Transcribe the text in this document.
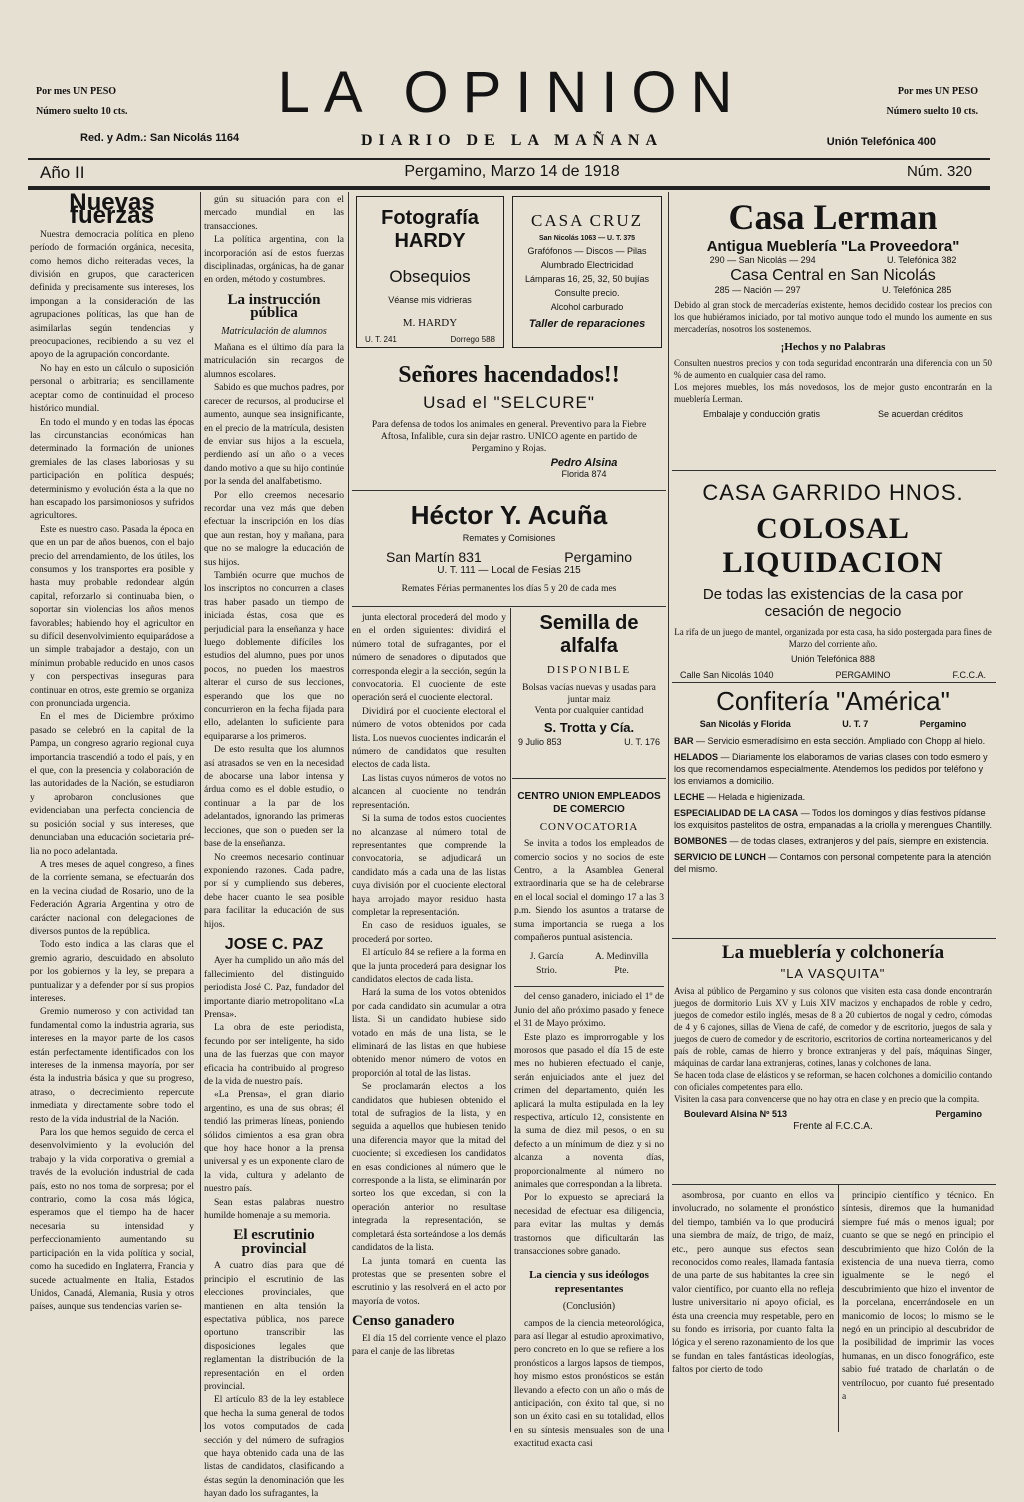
Por mes UN PESO
Número suelto 10 cts.
Por mes UN PESO
Número suelto 10 cts.
LA OPINION
Red. y Adm.: San Nicolás 1164	DIARIO DE LA MAÑANA	Unión Telefónica 400
Año II	Pergamino, Marzo 14 de 1918	Núm. 320
Nuevas fuerzas

Nuestra democracia política en pleno período de formación orgánica, necesita, como hemos dicho reiteradas veces, la división en grupos, que caractericen definida y precisamente sus intereses, los impongan a la consideración de las agrupaciones políticas, las que han de asimilarlas según tendencias y preocupaciones, recibiendo a su vez el apoyo de la agrupación concordante.

No hay en esto un cálculo o suposición personal o arbitraria; es sencillamente aceptar como de continuidad el proceso histórico mundial.

En todo el mundo y en todas las épocas las circunstancias económicas han determinado la formación de uniones gremiales de las clases laboriosas y su participación en política después; determinismo y evolución ésta a la que no han escapado los parsimoniosos y sufridos agricultores.

Este es nuestro caso. Pasada la época en que en un par de años buenos, con el bajo precio del arrendamiento, de los útiles, los consumos y los transportes era posible y hasta muy probable redondear algún capital, reforzarlo si continuaba bien, o soportar sin violencias los años menos favorables; habiendo hoy el agricultor en su difícil desenvolvimiento equiparádose a un simple trabajador a destajo, con un mínimun probable reducido en unos casos y con perspectivas inseguras para continuar en otros, este gremio se organiza con pronunciada urgencia.

En el mes de Diciembre próximo pasado se celebró en la capital de la Pampa, un congreso agrario regional cuya importancia trascendió a todo el país, y en el que, con la presencia y colaboración de las autoridades de la Nación, se estudiaron y aprobaron conclusiones que evidenciaban una perfecta conciencia de su posición social y sus intereses, que denunciaban una educación societaria pré-lia no poco adelantada.

A tres meses de aquel congreso, a fines de la corriente semana, se efectuarán dos en la vecina ciudad de Rosario, uno de la Federación Agraria Argentina y otro de carácter nacional con delegaciones de diversos puntos de la república.

Todo esto indica a las claras que el gremio agrario, descuidado en absoluto por los gobiernos y la ley, se prepara a puntualizar y a defender por sí sus propios intereses.

Gremio numeroso y con actividad tan fundamental como la industria agraria, sus intereses en la mayor parte de los casos están perfectamente identificados con los intereses de la inmensa mayoría, por ser ésta la industria básica y que su progreso, atraso, o decrecimiento repercute inmediata y directamente sobre todo el resto de la vida industrial de la Nación.

Para los que hemos seguido de cerca el desenvolvimiento y la evolución del trabajo y la vida corporativa o gremial a través de la evolución industrial de cada país, esto no nos toma de sorpresa; por el contrario, como la cosa más lógica, esperamos que el tiempo ha de hacer necesaria su intensidad y perfeccionamiento aumentando su participación en la vida política y social, como ha sucedido en Inglaterra, Francia y sucede actualmente en Italia, Estados Unidos, Canadá, Alemania, Rusia y otros países, aunque sus tendencias varíen se-

gún su situación para con el mercado mundial en las transacciones.

La política argentina, con la incorporación así de estos fuerzas disciplinadas, orgánicas, ha de ganar en orden, método y costumbres.

La instrucción pública
Matriculación de alumnos

Mañana es el último día para la matriculación sin recargos de alumnos escolares.

Sabido es que muchos padres, por carecer de recursos, al producirse el aumento, aunque sea insignificante, en el precio de la matrícula, desisten de enviar sus hijos a la escuela, perdiendo así un año o a veces dando motivo a que su hijo continúe por la senda del analfabetismo.

Por ello creemos necesario recordar una vez más que deben efectuar la inscripción en los días que aun restan, hoy y mañana, para que no se malogre la educación de sus hijos.

También ocurre que muchos de los inscriptos no concurren a clases tras haber pasado un tiempo de iniciada éstas, cosa que es perjudicial para la enseñanza y hace luego doblemente difíciles los estudios del alumno, pues por unos pocos, no pueden los maestros alterar el curso de sus lecciones, esperando que los que no concurrieron en la fecha fijada para ello, adelanten lo suficiente para equipararse a los primeros.

De esto resulta que los alumnos así atrasados se ven en la necesidad de abocarse una labor intensa y árdua como es el doble estudio, o continuar a la par de los adelantados, ignorando las primeras lecciones, que son o pueden ser la base de la enseñanza.

No creemos necesario continuar exponiendo razones. Cada padre, por sí y cumpliendo sus deberes, debe hacer cuanto le sea posible para facilitar la educación de sus hijos.

JOSE C. PAZ

Ayer ha cumplido un año más del fallecimiento del distinguido periodista José C. Paz, fundador del importante diario metropolitano «La Prensa».

La obra de este periodista, fecundo por ser inteligente, ha sido una de las fuerzas que con mayor eficacia ha contribuido al progreso de la vida de nuestro país.

«La Prensa», el gran diario argentino, es una de sus obras; él tendió las primeras líneas, poniendo sólidos cimientos a esa gran obra que hoy hace honor a la prensa universal y es un exponente claro de la vida, cultura y adelanto de nuestro país.

Sean estas palabras nuestro humilde homenaje a su memoria.

El escrutinio provincial

A cuatro días para que dé principio el escrutinio de las elecciones provinciales, que mantienen en alta tensión la espectativa pública, nos parece oportuno transcribir las disposiciones legales que reglamentan la distribución de la representación en el orden provincial.

El artículo 83 de la ley establece que hecha la suma general de todos los votos computados de cada sección y del número de sufragios que haya obtenido cada una de las listas de candidatos, clasificando a éstas según la denominación que les hayan dado los sufragantes, la

Fotografía HARDY
Obsequios
Véanse mis vidrieras
M. HARDY
U. T. 241	Dorrego 588
CASA CRUZ
San Nicolás 1063 — U. T. 375
Grafófonos — Discos — Pilas
Alumbrado Electricidad
Lámparas 16, 25, 32, 50 bujías
Consulte precio.
Alcohol carburado
Taller de reparaciones
Señores hacendados!!
Usad el "SELCURE"
Para defensa de todos los animales en general. Preventivo para la Fiebre Aftosa, Infalible, cura sin dejar rastro. UNICO agente en partido de Pergamino y Rojas.
Pedro Alsina
Florida 874
Héctor Y. Acuña
Remates y Comisiones
San Martín 831	Pergamino
U. T. 111 — Local de Fesias 215
Remates Férias permanentes los días 5 y 20 de cada mes

junta electoral procederá del modo y en el orden siguientes: dividirá el número total de sufragantes, por el número de senadores o diputados que corresponda elegir a la sección, según la convocatoria. El cuociente de este operación será el cuociente electoral.

Dividirá por el cuociente electoral el número de votos obtenidos por cada lista. Los nuevos cuocientes indicarán el número de candidatos que resulten electos de cada lista.

Las listas cuyos números de votos no alcancen al cuociente no tendrán representación.

Si la suma de todos estos cuocientes no alcanzase al número total de representantes que comprende la convocatoria, se adjudicará un candidato más a cada una de las listas cuya división por el cuociente electoral haya arrojado mayor residuo hasta completar la representación.

En caso de residuos iguales, se procederá por sorteo.

El artículo 84 se refiere a la forma en que la junta procederá para designar los candidatos electos de cada lista.

Hará la suma de los votos obtenidos por cada candidato sin acumular a otra lista. Si un candidato hubiese sido votado en más de una lista, se le eliminará de las listas en que hubiese obtenido menor número de votos en proporción al total de las listas.

Se proclamarán electos a los candidatos que hubiesen obtenido el total de sufragios de la lista, y en seguida a aquellos que hubiesen tenido una diferencia mayor que la mitad del cuociente; si excediesen los candidatos en esas condiciones al número que le corresponde a la lista, se eliminarán por sorteo los que excedan, si con la operación anterior no resultase integrada la representación, se completará ésta sorteándose a los demás candidatos de la lista.

La junta tomará en cuenta las protestas que se presenten sobre el escrutinio y las resolverá en el acto por mayoría de votos.

Censo ganadero

El día 15 del corriente vence el plazo para el canje de las libretas

Semilla de alfalfa
DISPONIBLE
Bolsas vacías nuevas y usadas para juntar maiz
Venta por cualquier cantidad
S. Trotta y Cía.
9 Julio 853	U. T. 176
CENTRO UNION EMPLEADOS DE COMERCIO
CONVOCATORIA

Se invita a todos los empleados de comercio socios y no socios de este Centro, a la Asamblea General extraordinaria que se ha de celebrarse en el local social el domingo 17 a las 3 p.m. Siendo los asuntos a tratarse de suma importancia se ruega a los compañeros puntual asistencia.

J. García
Strio.
A. Medinvilla
Pte.

del censo ganadero, iniciado el 1º de Junio del año próximo pasado y fenece el 31 de Mayo próximo.

Este plazo es improrrogable y los morosos que pasado el día 15 de este mes no hubieren efectuado el canje, serán enjuiciados ante el juez del crimen del departamento, quién les aplicará la multa estipulada en la ley respectiva, artículo 12, consistente en la suma de diez mil pesos, o en su defecto a un mínimum de diez y si no alcanza a noventa días, proporcionalmente al número no animales que correspondan a la libreta.

Por lo expuesto se apreciará la necesidad de efectuar esa diligencia, para evitar las multas y demás trastornos que dificultarán las transacciones sobre ganado.

La ciencia y sus ideólogos representantes
(Conclusión)

campos de la ciencia meteorológica, para así llegar al estudio aproximativo, pero concreto en lo que se refiere a los pronósticos a largos lapsos de tiempos, hoy mismo estos pronósticos se están llevando a efecto con un año o más de anticipación, con éxito tal que, si no son un éxito casi en su totalidad, ellos en su síntesis mensuales son de una exactitud exacta casi

Casa Lerman
Antigua Mueblería "La Proveedora"
290 — San Nicolás — 294	U. Telefónica 382
Casa Central en San Nicolás
285 — Nación — 297	U. Telefónica 285
Debido al gran stock de mercaderías existente, hemos decidido costear los precios con los que hubiéramos iniciado, por tal motivo aunque todo el mundo los aumente en sus mercaderías, nosotros los sostenemos.
¡Hechos y no Palabras
Consulten nuestros precios y con toda seguridad encontrarán una diferencia con un 50 % de aumento en cualquier casa del ramo.
Los mejores muebles, los más novedosos, los de mejor gusto encontrarán en la mueblería Lerman.
Embalaje y conducción gratis	Se acuerdan créditos
CASA GARRIDO HNOS.
COLOSAL LIQUIDACION
De todas las existencias de la casa por cesación de negocio
La rifa de un juego de mantel, organizada por esta casa, ha sido postergada para fines de Marzo del corriente año.
Unión Telefónica 888
Calle San Nicolás 1040	PERGAMINO	F.C.C.A.
Confitería "América"
San Nicolás y Florida	U. T. 7	Pergamino
BAR — Servicio esmeradísimo en esta sección. Ampliado con Chopp al hielo.
HELADOS — Diariamente los elaboramos de varias clases con todo esmero y los que recomendamos especialmente. Atendemos los pedidos por teléfono y los enviamos a domicilio.
LECHE — Helada e higienizada.
ESPECIALIDAD DE LA CASA — Todos los domingos y días festivos pídanse los exquisitos pastelitos de ostra, empanadas a la criolla y merengues Chantilly.
BOMBONES — de todas clases, extranjeros y del país, siempre en existencia.
SERVICIO DE LUNCH — Contamos con personal competente para la atención del mismo.
La mueblería y colchonería
"LA VASQUITA"
Avisa al público de Pergamino y sus colonos que visiten esta casa donde encontrarán juegos de dormitorio Luis XV y Luis XIV macizos y enchapados de roble y cedro, juegos de comedor estilo inglés, mesas de 8 a 20 cubiertos de nogal y cedro, cómodas de 4 y 6 cajones, sillas de Viena de café, de comedor y de escritorio, juegos de sala y juegos de cuero de comedor y de escritorio, escritorios de cortina norteamericanos y del país de roble, camas de hierro y bronce extranjeras y del país, máquinas Singer, máquinas de cardar lana extranjeras, cotines, lanas y colchones de lana.
Se hacen toda clase de elásticos y se reforman, se hacen colchones a domicilio contando con oficiales competentes para ello.
Visiten la casa para convencerse que no hay otra en clase y en precio que la compita.
Boulevard Alsina Nº 513	Pergamino
Frente al F.C.C.A.

asombrosa, por cuanto en ellos va involucrado, no solamente el pronóstico del tiempo, también va lo que producirá una siembra de maíz, de trigo, de maíz, etc., pero aunque sus efectos sean reconocidos como reales, llamada fantasía de una parte de sus habitantes la cree sin valor científico, por cuanto ella no refleja lustre universitario ni apoyo oficial, es ésta una creencia muy respetable, pero en su fondo es irrisoria, por cuanto falta la lógica y el sereno razonamiento de los que se fundan en tales fantásticas ideologías, faltos por cierto de todo

principio científico y técnico. En síntesis, diremos que la humanidad siempre fué más o menos igual; por cuanto se que se negó en principio el descubrimiento que hizo Colón de la existencia de una nueva tierra, como igualmente se le negó el descubrimiento que hizo el inventor de la porcelana, encerrándosele en un manicomio de locos; lo mismo se le negó en un principio al descubridor de la posibilidad de imprimir las voces humanas, en un disco fonográfico, este sabio fué tratado de charlatán o de ventrílocuo, por cuanto fué presentado a
